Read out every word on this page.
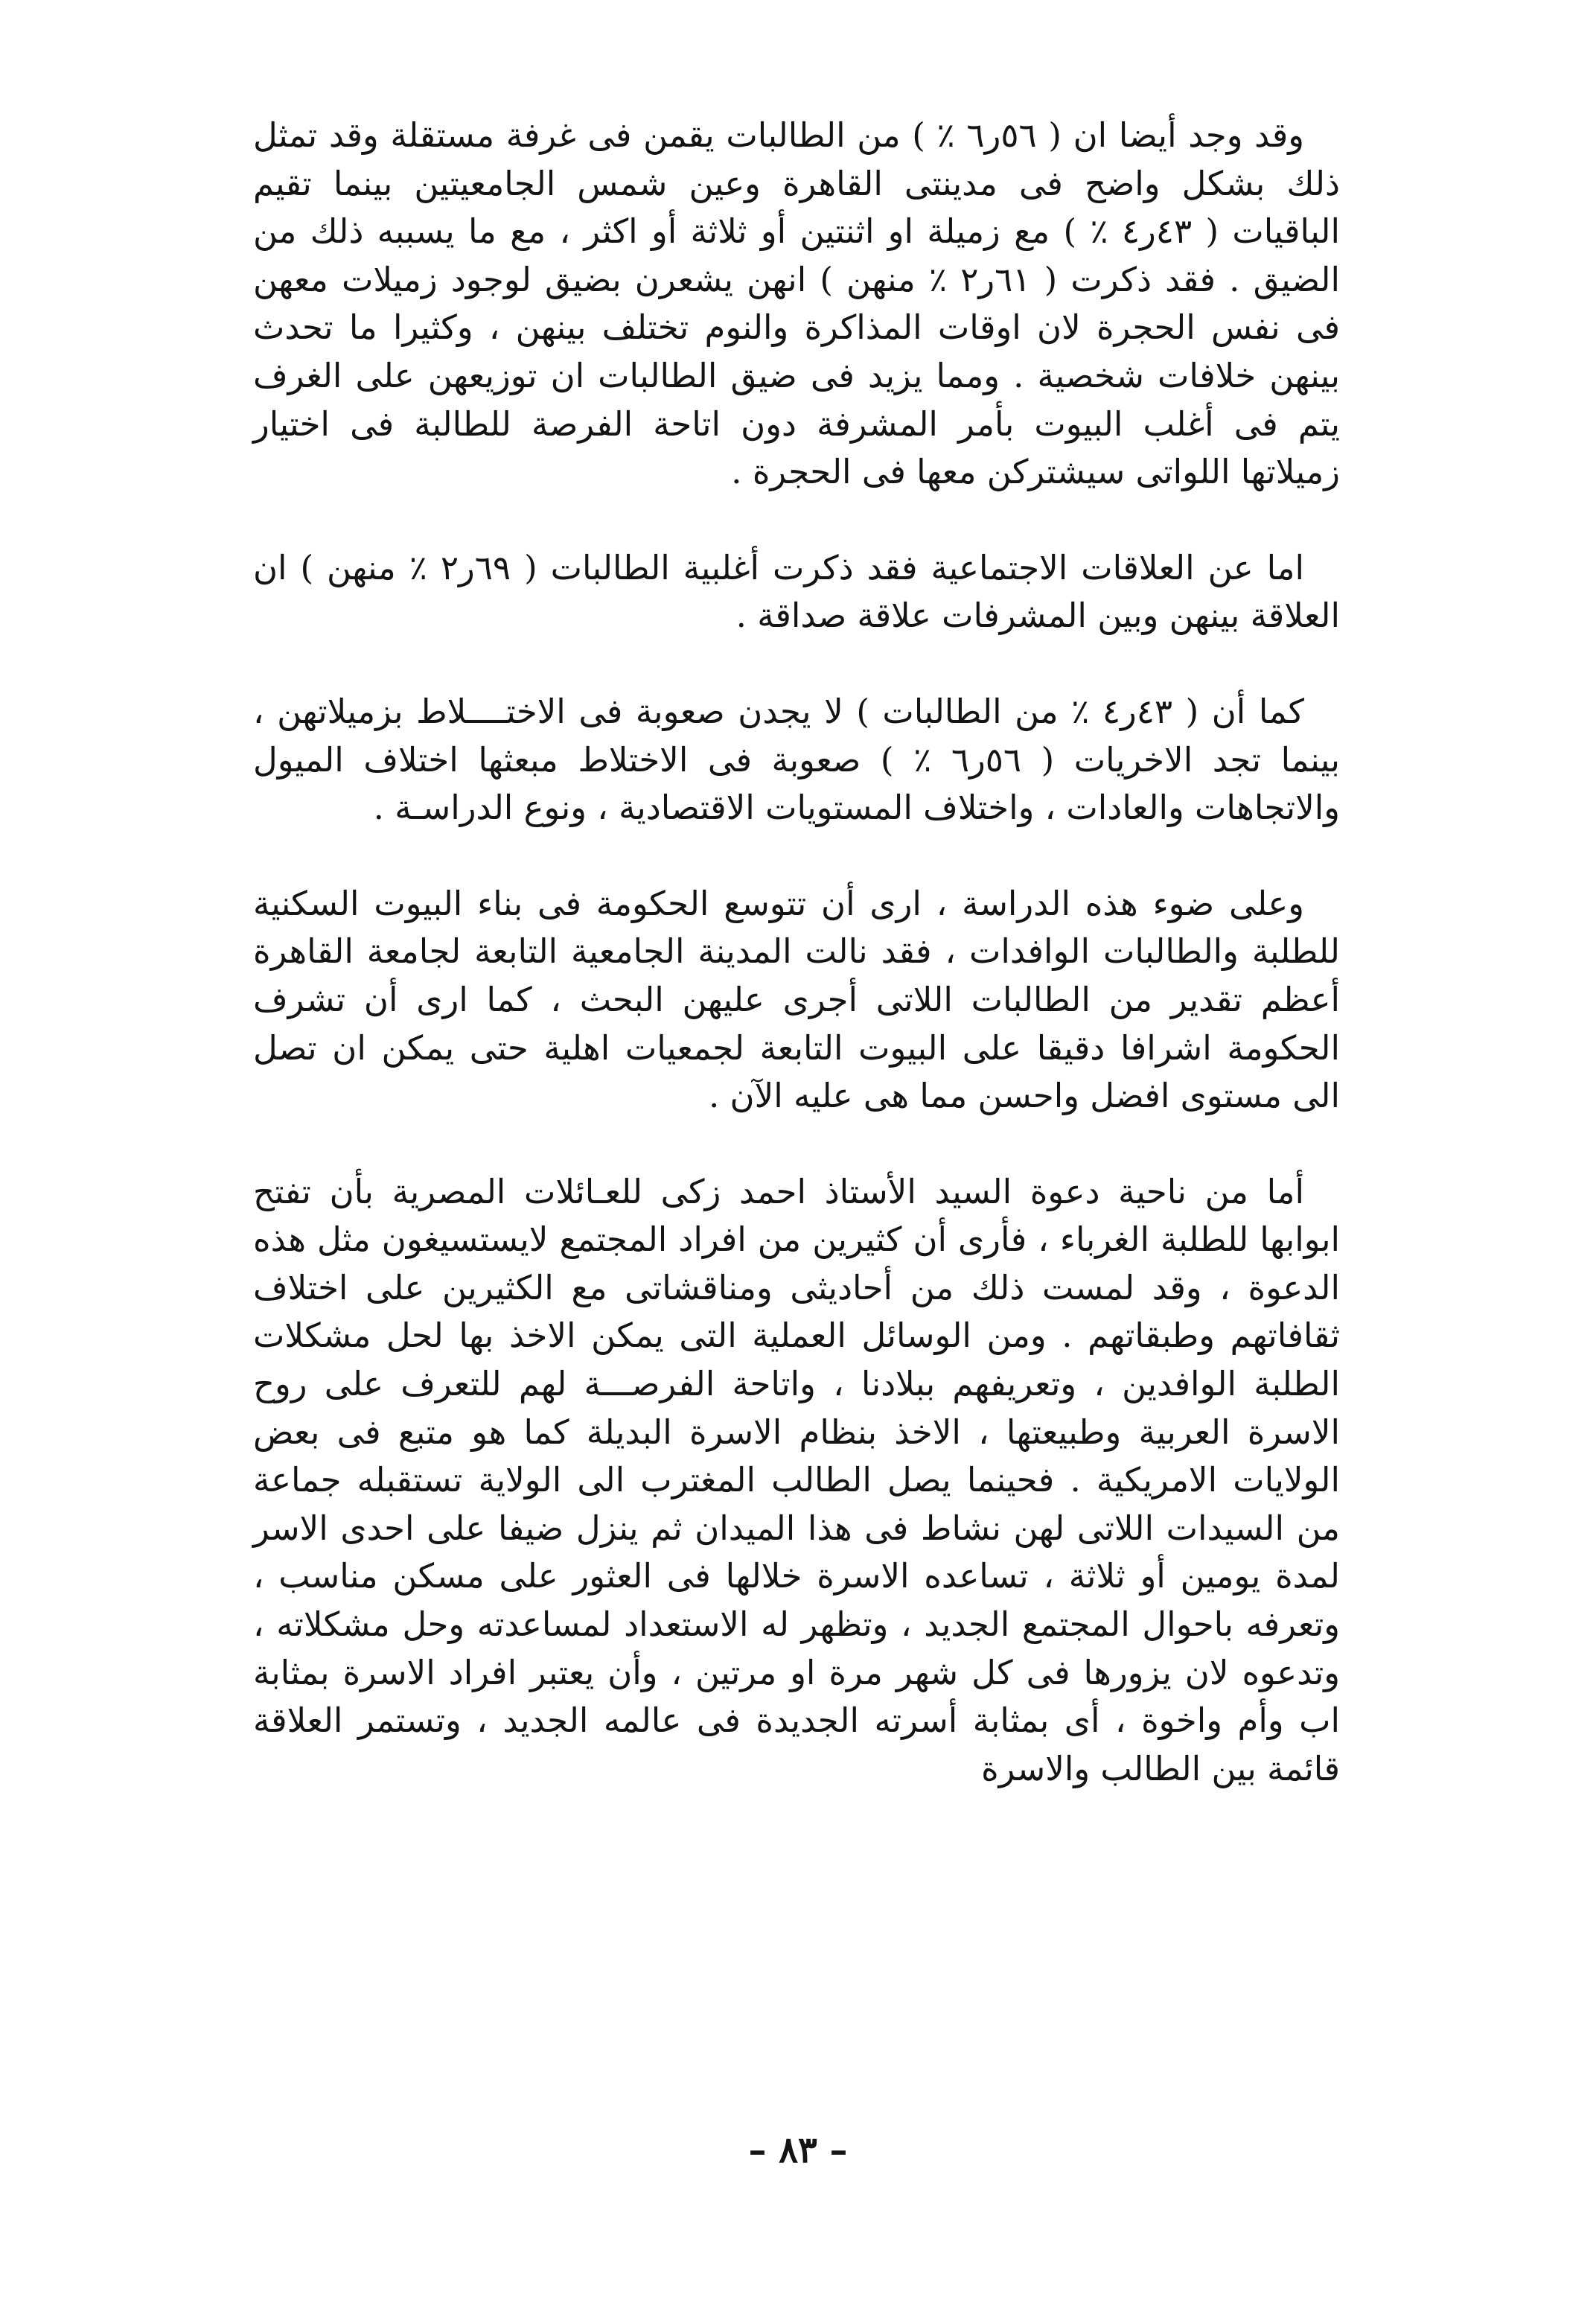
وقد وجد أيضا ان ( ٥٦ر٦ ٪ ) من الطالبات يقمن فى غرفة مستقلة وقد تمثل ذلك بشكل واضح فى مدينتى القاهرة وعين شمس الجامعيتين بينما تقيم الباقيات ( ٤٣ر٤ ٪ ) مع زميلة او اثنتين أو ثلاثة أو اكثر ، مع ما يسببه ذلك من الضيق . فقد ذكرت ( ٦١ر٢ ٪ منهن ) انهن يشعرن بضيق لوجود زميلات معهن فى نفس الحجرة لان اوقات المذاكرة والنوم تختلف بينهن ، وكثيرا ما تحدث بينهن خلافات شخصية . ومما يزيد فى ضيق الطالبات ان توزيعهن على الغرف يتم فى أغلب البيوت بأمر المشرفة دون اتاحة الفرصة للطالبة فى اختيار زميلاتها اللواتى سيشتركن معها فى الحجرة .

اما عن العلاقات الاجتماعية فقد ذكرت أغلبية الطالبات ( ٦٩ر٢ ٪ منهن ) ان العلاقة بينهن وبين المشرفات علاقة صداقة .

كما أن ( ٤٣ر٤ ٪ من الطالبات ) لا يجدن صعوبة فى الاختــــلاط بزميلاتهن ، بينما تجد الاخريات ( ٥٦ر٦ ٪ ) صعوبة فى الاختلاط مبعثها اختلاف الميول والاتجاهات والعادات ، واختلاف المستويات الاقتصادية ، ونوع الدراسـة .

وعلى ضوء هذه الدراسة ، ارى أن تتوسع الحكومة فى بناء البيوت السكنية للطلبة والطالبات الوافدات ، فقد نالت المدينة الجامعية التابعة لجامعة القاهرة أعظم تقدير من الطالبات اللاتى أجرى عليهن البحث ، كما ارى أن تشرف الحكومة اشرافا دقيقا على البيوت التابعة لجمعيات اهلية حتى يمكن ان تصل الى مستوى افضل واحسن مما هى عليه الآن .

أما من ناحية دعوة السيد الأستاذ احمد زكى للعـائلات المصرية بأن تفتح ابوابها للطلبة الغرباء ، فأرى أن كثيرين من افراد المجتمع لايستسيغون مثل هذه الدعوة ، وقد لمست ذلك من أحاديثى ومناقشاتى مع الكثيرين على اختلاف ثقافاتهم وطبقاتهم . ومن الوسائل العملية التى يمكن الاخذ بها لحل مشكلات الطلبة الوافدين ، وتعريفهم ببلادنا ، واتاحة الفرصـــة لهم للتعرف على روح الاسرة العربية وطبيعتها ، الاخذ بنظام الاسرة البديلة كما هو متبع فى بعض الولايات الامريكية . فحينما يصل الطالب المغترب الى الولاية تستقبله جماعة من السيدات اللاتى لهن نشاط فى هذا الميدان ثم ينزل ضيفا على احدى الاسر لمدة يومين أو ثلاثة ، تساعده الاسرة خلالها فى العثور على مسكن مناسب ، وتعرفه باحوال المجتمع الجديد ، وتظهر له الاستعداد لمساعدته وحل مشكلاته ، وتدعوه لان يزورها فى كل شهر مرة او مرتين ، وأن يعتبر افراد الاسرة بمثابة اب وأم واخوة ، أى بمثابة أسرته الجديدة فى عالمه الجديد ، وتستمر العلاقة قائمة بين الطالب والاسرة

– ٨٣ –
